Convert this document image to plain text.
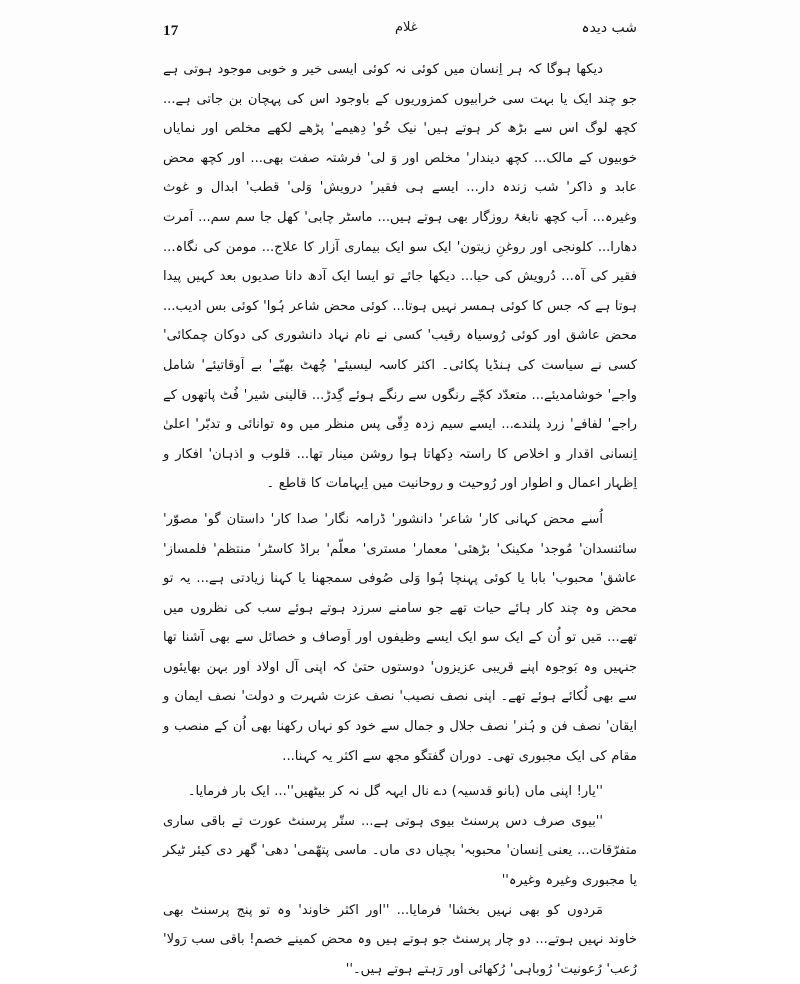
17	غلام	شب دیدہ

دیکھا ہوگا کہ ہر اِنسان میں کوئی نہ کوئی ایسی خیر و خوبی موجود ہوتی ہے جو چند ایک یا بہت سی خرابیوں کمزوریوں کے باوجود اس کی پہچان بن جاتی ہے... کچھ لوگ اس سے بڑھ کر ہوتے ہیں' نیک خُو' دِھیمے' پڑھے لکھے مخلص اور نمایاں خوبیوں کے مالک... کچھ دیندار' مخلص اور وَ لی' فرشتہ صفت بھی... اور کچھ محض عابد و ذاکر' شب زندہ دار... ایسے ہی فقیر' درویش' وَلی' قطب' ابدال و غوث وغیرہ... اَب کچھ نابغۂ روزگار بھی ہوتے ہیں... ماسٹر چابی' کھل جا سم سم... اَمرت دھارا... کلونجی اور روغنِ زیتون' ایک سو ایک بیماری آزار کا علاج... مومن کی نگاہ... فقیر کی آہ... دُرویش کی حیا... دیکھا جائے تو ایسا ایک آدھ دانا صدیوں بعد کہیں پیدا ہوتا ہے کہ جس کا کوئی ہمسر نہیں ہوتا... کوئی محض شاعر ہُوا' کوئی بس ادیب... محض عاشق اور کوئی رُوسیاہ رقیب' کسی نے نام نہاد دانشوری کی دوکان چمکائی' کسی نے سیاست کی ہنڈیا پکائی۔ اکثر کاسہ لیسیئے' چُھٹ بھیّے' بے اَوقاتیئے' شامل واجے' خوشامدیئے... متعدّد کچّے رنگوں سے رنگے ہوئے گِدڑ... قالینی شیر' فُٹ پاتھوں کے راجے' لفافے' زرد پلندے... ایسے سیم زدہ دِقّی پس منظر میں وہ توانائی و تدبّر' اعلیٰ اِنسانی اقدار و اخلاص کا راستہ دِکھاتا ہوا روشن مینار تھا... قلوب و اذہان' افکار و اِظہار اعمال و اطوار اور رُوحیت و روحانیت میں اِبہامات کا قاطع ۔

اُسے محض کہانی کار' شاعر' دانشور' ڈرامہ نگار' صدا کار' داستان گو' مصوّر' سائنسدان' مُوجد' مکینک' بڑھئی' معمار' مستری' معلّم' براڈ کاسٹر' منتظم' فلمساز' عاشق' محبوب' بابا یا کوئی پہنچا ہُوا وَلی صُوفی سمجھنا یا کہنا زیادتی ہے... یہ تو محض وہ چند کار ہائے حیات تھے جو سامنے سرزد ہوتے ہوئے سب کی نظروں میں تھے... مَیں تو اُن کے ایک سو ایک ایسے وظیفوں اور اَوصاف و خصائل سے بھی آشنا تھا جنہیں وہ بَوجوہ اپنے قریبی عزیزوں' دوستوں حتیٰ کہ اپنی آل اولاد اور بہن بھایئوں سے بھی لُکائے ہوئے تھے۔ اپنی نصف نصیب' نصف عزت شہرت و دولت' نصف ایمان و ایقان' نصف فن و ہُنر' نصف جلال و جمال سے خود کو نہاں رکھنا بھی اُن کے منصب و مقام کی ایک مجبوری تھی۔ دوران گفتگو مجھ سے اکثر یہ کہنا...

''یار! اپنی ماں (بانو قدسیہ) دے نال ایہہ گل نہ کر بیٹھیں''... ایک بار فرمایا۔

''بیوی صرف دس پرسنٹ بیوی ہوتی ہے... ستّر پرسنٹ عورت تے باقی ساری متفرّقات... یعنی اِنسان' محبوبہ' بچیاں دی ماں۔ ماسی پتھّمی' دھی' گھر دی کیئر ٹیکر یا مجبوری وغیرہ وغیرہ''

مَردوں کو بھی نہیں بخشا' فرمایا... ''اور اکثر خاوند' وہ تو پنج پرسنٹ بھی خاوند نہیں ہوتے... دو چار پرسنٹ جو ہوتے ہیں وہ محض کمینے خصم! باقی سب رَولا' رُعب' رُعونیت' رُوباہی' رُکھائی اور رَہتے ہوتے ہیں۔''
